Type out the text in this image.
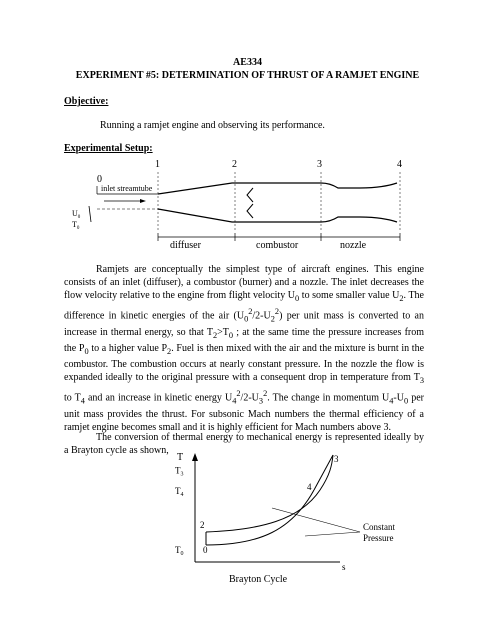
AE334
EXPERIMENT #5: DETERMINATION OF THRUST OF A RAMJET ENGINE
Objective:
Running a ramjet engine and observing its performance.
Experimental Setup:
1	2	3	4
0
inlet streamtube
$U_0$
$T_0$
diffuser	combustor	nozzle
Ramjets are conceptually the simplest type of aircraft engines. This engine consists of an inlet (diffuser), a combustor (burner) and a nozzle. The inlet decreases the flow velocity relative to the engine from flight velocity $U_0$ to some smaller value $U_2$. The difference in kinetic energies of the air $(U_0^2/2-U_2^2)$ per unit mass is converted to an increase in thermal energy, so that $T_2>T_0$ ; at the same time the pressure increases from the $P_0$ to a higher value $P_2$. Fuel is then mixed with the air and the mixture is burnt in the combustor. The combustion occurs at nearly constant pressure. In the nozzle the flow is expanded ideally to the original pressure with a consequent drop in temperature from $T_3$ to $T_4$ and an increase in kinetic energy $U_4^2/2-U_3^2$. The change in momentum $U_4-U_0$ per unit mass provides the thrust. For subsonic Mach numbers the thermal efficiency of a ramjet engine becomes small and it is highly efficient for Mach numbers above 3.
The conversion of thermal energy to mechanical energy is represented ideally by a Brayton cycle as shown,
T
s
$T_3$
$T_4$
$T_0$ 0
2
3
4
Constant
Pressure
Brayton Cycle
